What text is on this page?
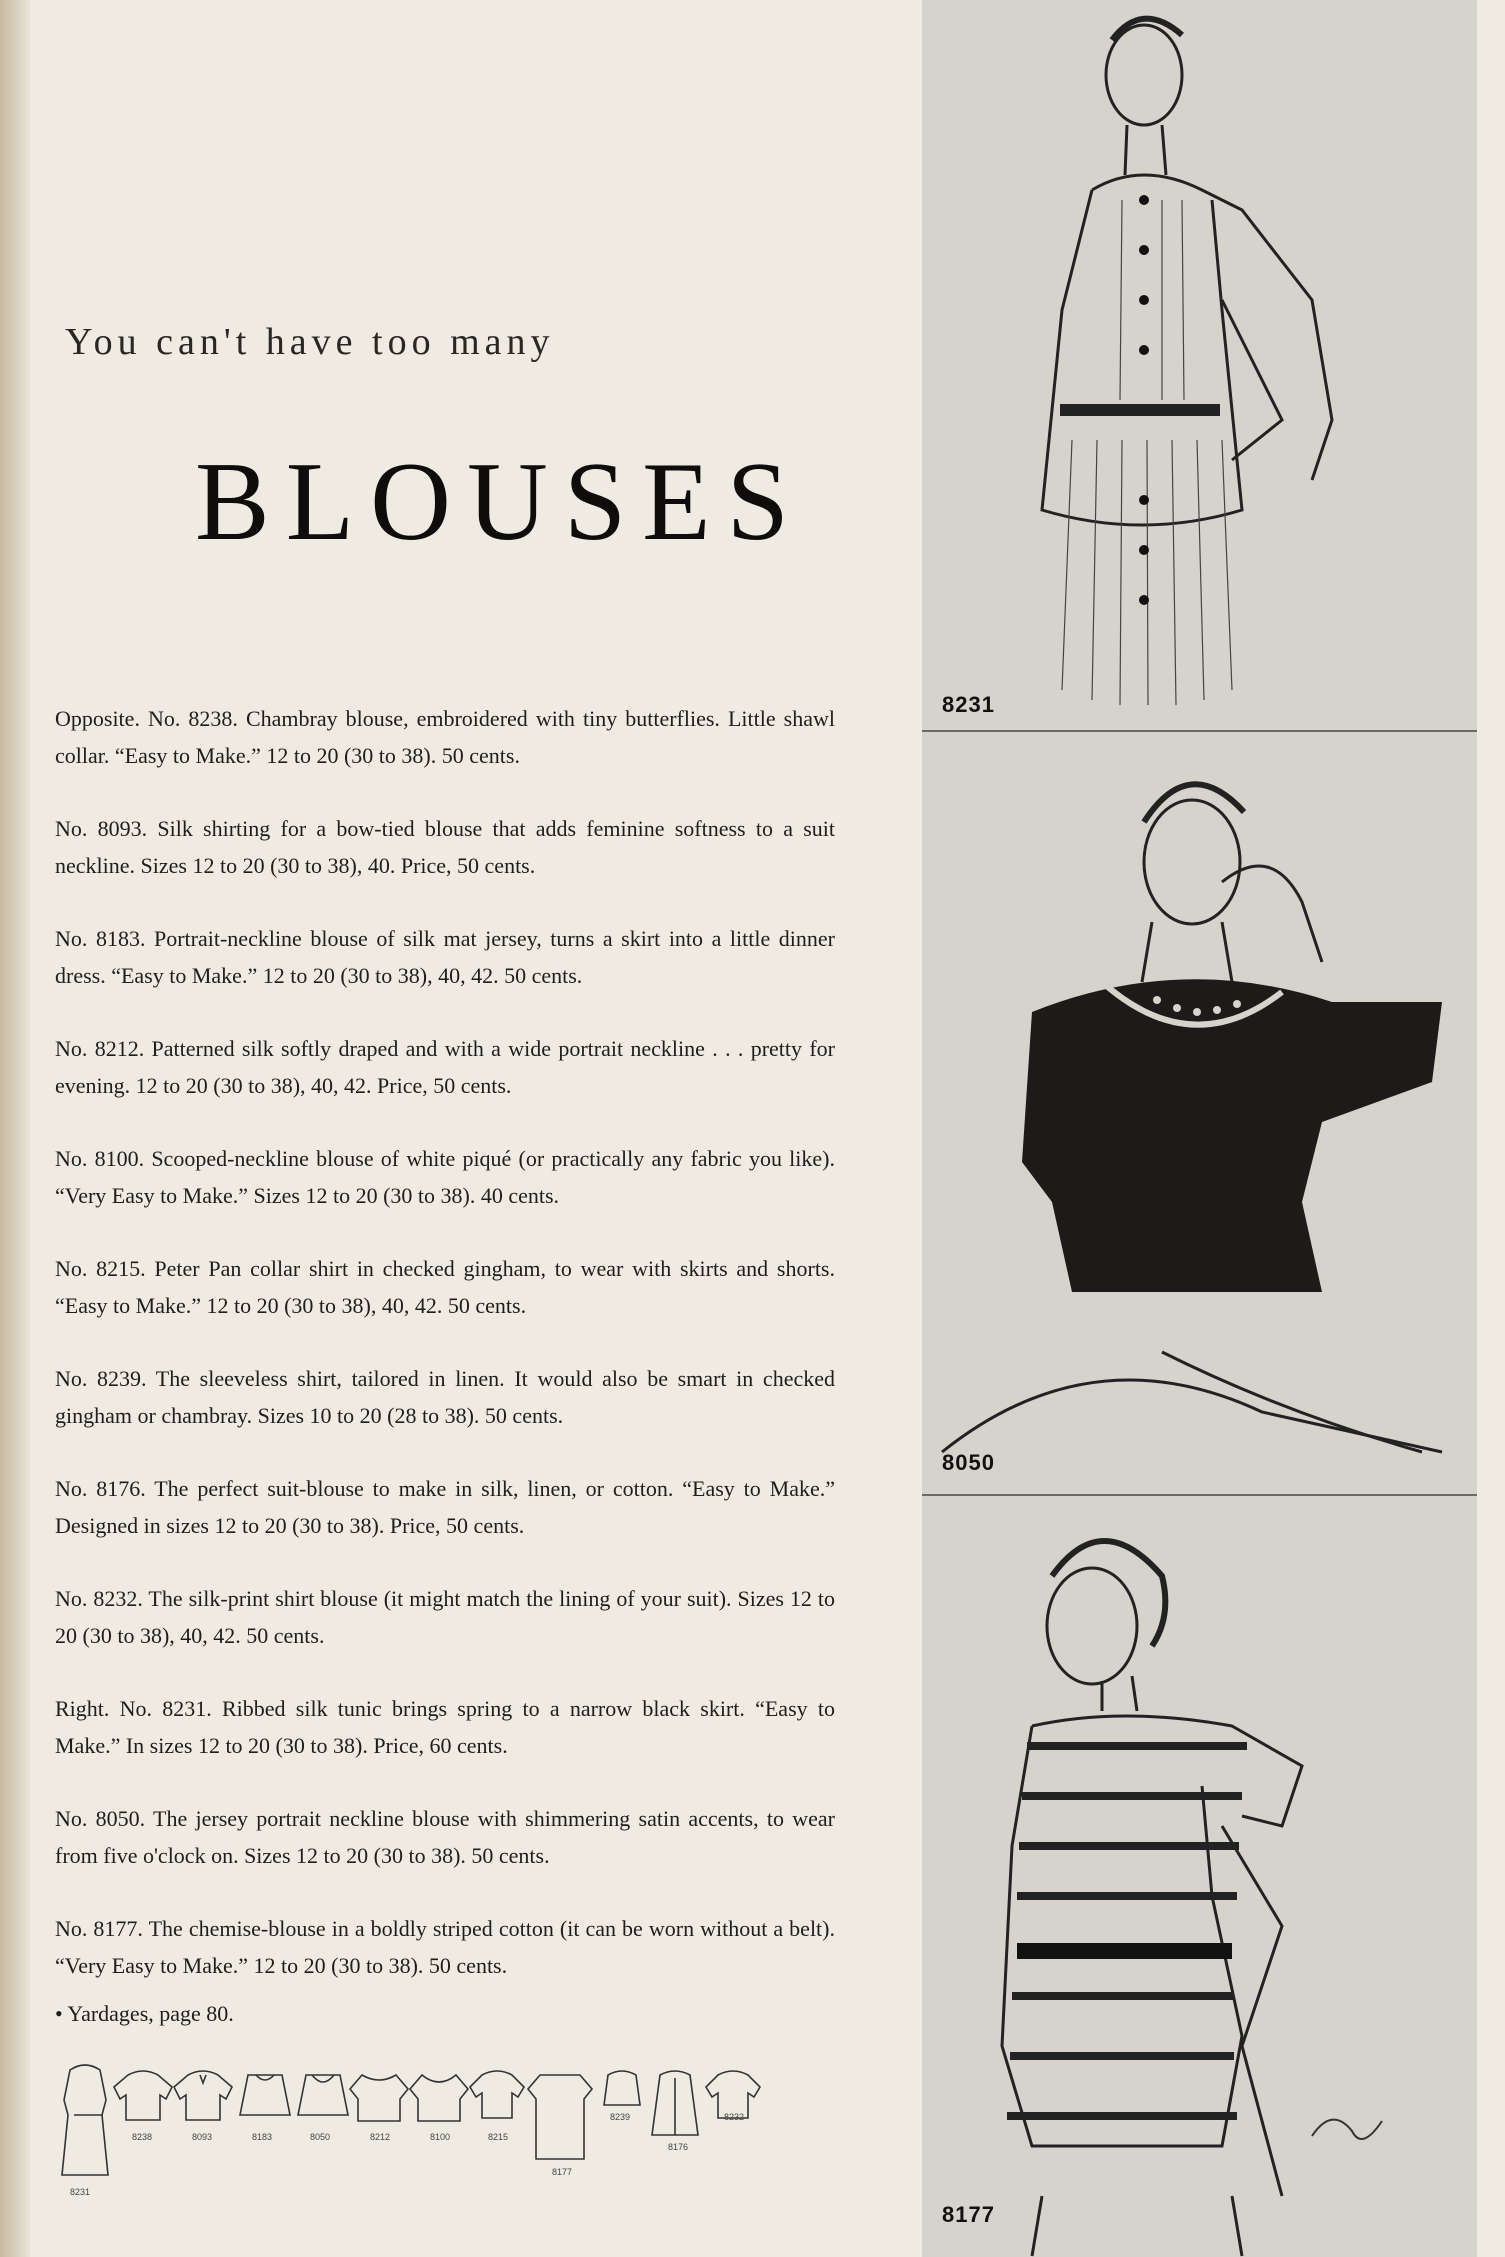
You can't have too many
BLOUSES

Opposite. No. 8238. Chambray blouse, embroidered with tiny butterflies. Little shawl collar. “Easy to Make.” 12 to 20 (30 to 38). 50 cents.

No. 8093. Silk shirting for a bow-tied blouse that adds feminine softness to a suit neckline. Sizes 12 to 20 (30 to 38), 40. Price, 50 cents.

No. 8183. Portrait-neckline blouse of silk mat jersey, turns a skirt into a little dinner dress. “Easy to Make.” 12 to 20 (30 to 38), 40, 42. 50 cents.

No. 8212. Patterned silk softly draped and with a wide portrait neckline . . . pretty for evening. 12 to 20 (30 to 38), 40, 42. Price, 50 cents.

No. 8100. Scooped-neckline blouse of white piqué (or practically any fabric you like). “Very Easy to Make.” Sizes 12 to 20 (30 to 38). 40 cents.

No. 8215. Peter Pan collar shirt in checked gingham, to wear with skirts and shorts. “Easy to Make.” 12 to 20 (30 to 38), 40, 42. 50 cents.

No. 8239. The sleeveless shirt, tailored in linen. It would also be smart in checked gingham or chambray. Sizes 10 to 20 (28 to 38). 50 cents.

No. 8176. The perfect suit-blouse to make in silk, linen, or cotton. “Easy to Make.” Designed in sizes 12 to 20 (30 to 38). Price, 50 cents.

No. 8232. The silk-print shirt blouse (it might match the lining of your suit). Sizes 12 to 20 (30 to 38), 40, 42. 50 cents.

Right. No. 8231. Ribbed silk tunic brings spring to a narrow black skirt. “Easy to Make.” In sizes 12 to 20 (30 to 38). Price, 60 cents.

No. 8050. The jersey portrait neckline blouse with shimmering satin accents, to wear from five o'clock on. Sizes 12 to 20 (30 to 38). 50 cents.

No. 8177. The chemise-blouse in a boldly striped cotton (it can be worn without a belt). “Very Easy to Make.” 12 to 20 (30 to 38). 50 cents.

• Yardages, page 80.
8231
8238	8093	8183	8050	8212	8100	8215
8177
8239
8176
8232
8231
8050
8177
